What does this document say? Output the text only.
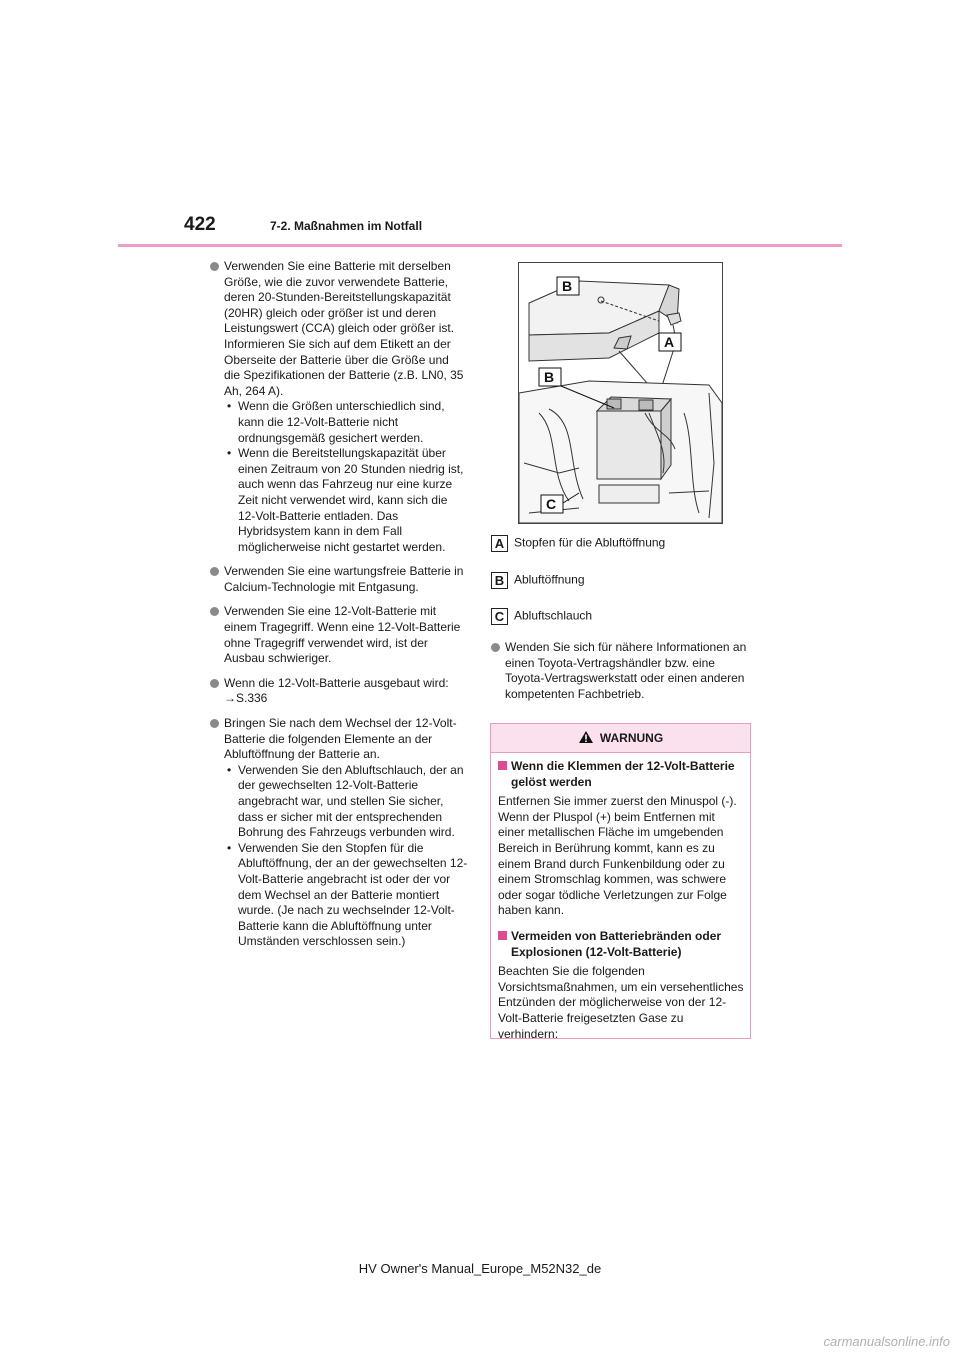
422	7-2. Maßnahmen im Notfall
Verwenden Sie eine Batterie mit derselben Größe, wie die zuvor verwendete Batterie, deren 20-Stunden-Bereitstellungskapazität (20HR) gleich oder größer ist und deren Leistungswert (CCA) gleich oder größer ist. Informieren Sie sich auf dem Etikett an der Oberseite der Batterie über die Größe und die Spezifikationen der Batterie (z.B. LN0, 35 Ah, 264 A).
• Wenn die Größen unterschiedlich sind, kann die 12-Volt-Batterie nicht ordnungsgemäß gesichert werden.
• Wenn die Bereitstellungskapazität über einen Zeitraum von 20 Stunden niedrig ist, auch wenn das Fahrzeug nur eine kurze Zeit nicht verwendet wird, kann sich die 12-Volt-Batterie entladen. Das Hybridsystem kann in dem Fall möglicherweise nicht gestartet werden.
Verwenden Sie eine wartungsfreie Batterie in Calcium-Technologie mit Entgasung.
Verwenden Sie eine 12-Volt-Batterie mit einem Tragegriff. Wenn eine 12-Volt-Batterie ohne Tragegriff verwendet wird, ist der Ausbau schwieriger.
Wenn die 12-Volt-Batterie ausgebaut wird:
→S.336
Bringen Sie nach dem Wechsel der 12-Volt-Batterie die folgenden Elemente an der Abluftöffnung der Batterie an.
• Verwenden Sie den Abluftschlauch, der an der gewechselten 12-Volt-Batterie angebracht war, und stellen Sie sicher, dass er sicher mit der entsprechenden Bohrung des Fahrzeugs verbunden wird.
• Verwenden Sie den Stopfen für die Abluftöffnung, der an der gewechselten 12-Volt-Batterie angebracht ist oder der vor dem Wechsel an der Batterie montiert wurde. (Je nach zu wechselnder 12-Volt-Batterie kann die Abluftöffnung unter Umständen verschlossen sein.)
B
A
B
C
A Stopfen für die Abluftöffnung
B Abluftöffnung
C Abluftschlauch
Wenden Sie sich für nähere Informationen an einen Toyota-Vertragshändler bzw. eine Toyota-Vertragswerkstatt oder einen anderen kompetenten Fachbetrieb.
WARNUNG
Wenn die Klemmen der 12-Volt-Batterie gelöst werden

Entfernen Sie immer zuerst den Minuspol (-). Wenn der Pluspol (+) beim Entfernen mit einer metallischen Fläche im umgebenden Bereich in Berührung kommt, kann es zu einem Brand durch Funkenbildung oder zu einem Stromschlag kommen, was schwere oder sogar tödliche Verletzungen zur Folge haben kann.

Vermeiden von Batteriebränden oder Explosionen (12-Volt-Batterie)

Beachten Sie die folgenden Vorsichtsmaßnahmen, um ein versehentliches Entzünden der möglicherweise von der 12-Volt-Batterie freigesetzten Gase zu verhindern:

HV Owner's Manual_Europe_M52N32_de
carmanualsonline.info
